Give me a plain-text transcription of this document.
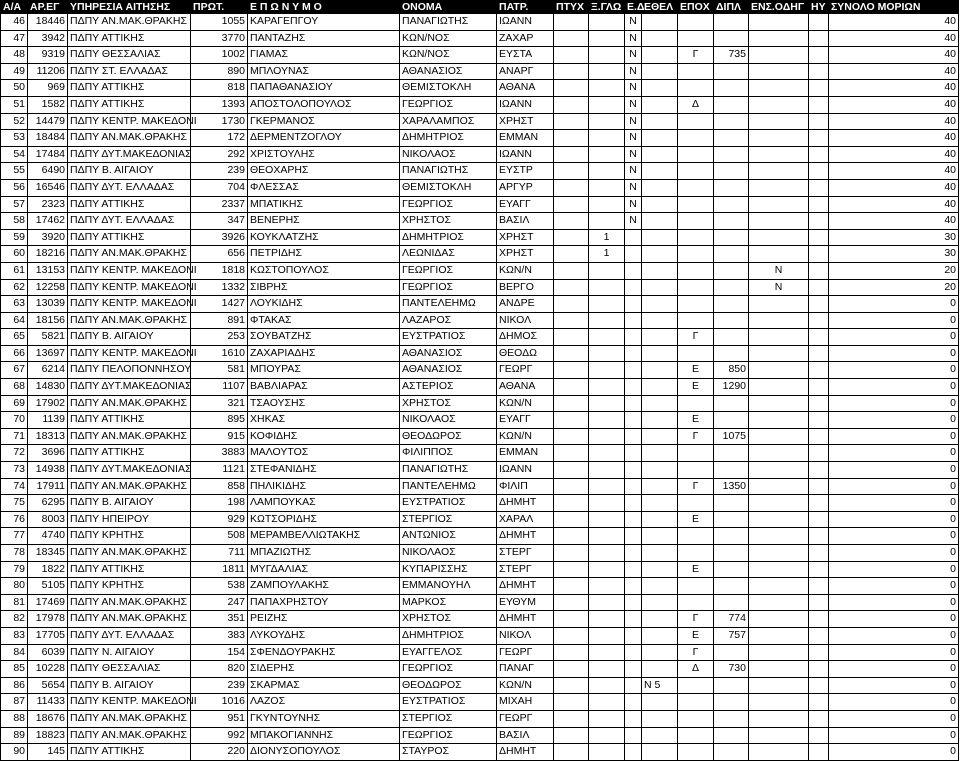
Α/Α	ΑΡ.ΕΓ	ΥΠΗΡΕΣΙΑ ΑΙΤΗΣΗΣ	ΠΡΩΤ.	Ε Π Ω Ν Υ Μ Ο	ΟΝΟΜΑ	ΠΑΤΡ.	ΠΤΥΧ	Ξ.ΓΛΩ	Ε.Δ	ΕΘΕΛ	ΕΠΟΧ	ΔΙΠΛ	ΕΝΣ.ΟΔΗΓ	ΗΥ	ΣΥΝΟΛΟ ΜΟΡΙΩΝ
46	18446	ΠΔΠΥ ΑΝ.ΜΑΚ.ΘΡΑΚΗΣ	1055	ΚΑΡΑΓΕΠΓΟΥ	ΠΑΝΑΓΙΩΤΗΣ	ΙΩΑΝΝ			Ν						40
47	3942	ΠΔΠΥ ΑΤΤΙΚΗΣ	3770	ΠΑΝΤΑΖΗΣ	ΚΩΝ/ΝΟΣ	ΖΑΧΑΡ			Ν						40
48	9319	ΠΔΠΥ ΘΕΣΣΑΛΙΑΣ	1002	ΓΙΑΜΑΣ	ΚΩΝ/ΝΟΣ	ΕΥΣΤΑ			Ν		Γ	735			40
49	11206	ΠΔΠΥ ΣΤ. ΕΛΛΑΔΑΣ	890	ΜΠΛΟΥΝΑΣ	ΑΘΑΝΑΣΙΟΣ	ΑΝΑΡΓ			Ν						40
50	969	ΠΔΠΥ ΑΤΤΙΚΗΣ	818	ΠΑΠΑΘΑΝΑΣΙΟΥ	ΘΕΜΙΣΤΟΚΛΗ	ΑΘΑΝΑ			Ν						40
51	1582	ΠΔΠΥ ΑΤΤΙΚΗΣ	1393	ΑΠΟΣΤΟΛΟΠΟΥΛΟΣ	ΓΕΩΡΓΙΟΣ	ΙΩΑΝΝ			Ν		Δ				40
52	14479	ΠΔΠΥ ΚΕΝΤΡ. ΜΑΚΕΔΟΝΙ	1730	ΓΚΕΡΜΑΝΟΣ	ΧΑΡΑΛΑΜΠΟΣ	ΧΡΗΣΤ			Ν						40
53	18484	ΠΔΠΥ ΑΝ.ΜΑΚ.ΘΡΑΚΗΣ	172	ΔΕΡΜΕΝΤΖΟΓΛΟΥ	ΔΗΜΗΤΡΙΟΣ	ΕΜΜΑΝ			Ν						40
54	17484	ΠΔΠΥ ΔΥΤ.ΜΑΚΕΔΟΝΙΑΣ	292	ΧΡΙΣΤΟΥΛΗΣ	ΝΙΚΟΛΑΟΣ	ΙΩΑΝΝ			Ν						40
55	6490	ΠΔΠΥ Β. ΑΙΓΑΙΟΥ	239	ΘΕΟΧΑΡΗΣ	ΠΑΝΑΓΙΩΤΗΣ	ΕΥΣΤΡ			Ν						40
56	16546	ΠΔΠΥ ΔΥΤ. ΕΛΛΑΔΑΣ	704	ΦΛΕΣΣΑΣ	ΘΕΜΙΣΤΟΚΛΗ	ΑΡΓΥΡ			Ν						40
57	2323	ΠΔΠΥ ΑΤΤΙΚΗΣ	2337	ΜΠΑΤΙΚΗΣ	ΓΕΩΡΓΙΟΣ	ΕΥΑΓΓ			Ν						40
58	17462	ΠΔΠΥ ΔΥΤ. ΕΛΛΑΔΑΣ	347	ΒΕΝΕΡΗΣ	ΧΡΗΣΤΟΣ	ΒΑΣΙΛ			Ν						40
59	3920	ΠΔΠΥ ΑΤΤΙΚΗΣ	3926	ΚΟΥΚΛΑΤΖΗΣ	ΔΗΜΗΤΡΙΟΣ	ΧΡΗΣΤ		1							30
60	18216	ΠΔΠΥ ΑΝ.ΜΑΚ.ΘΡΑΚΗΣ	656	ΠΕΤΡΙΔΗΣ	ΛΕΩΝΙΔΑΣ	ΧΡΗΣΤ		1							30
61	13153	ΠΔΠΥ ΚΕΝΤΡ. ΜΑΚΕΔΟΝΙ	1818	ΚΩΣΤΟΠΟΥΛΟΣ	ΓΕΩΡΓΙΟΣ	ΚΩΝ/Ν							Ν		20
62	12258	ΠΔΠΥ ΚΕΝΤΡ. ΜΑΚΕΔΟΝΙ	1332	ΣΙΒΡΗΣ	ΓΕΩΡΓΙΟΣ	ΒΕΡΓΟ							Ν		20
63	13039	ΠΔΠΥ ΚΕΝΤΡ. ΜΑΚΕΔΟΝΙ	1427	ΛΟΥΚΙΔΗΣ	ΠΑΝΤΕΛΕΗΜΩ	ΑΝΔΡΕ									0
64	18156	ΠΔΠΥ ΑΝ.ΜΑΚ.ΘΡΑΚΗΣ	891	ΦΤΑΚΑΣ	ΛΑΖΑΡΟΣ	ΝΙΚΟΛ									0
65	5821	ΠΔΠΥ Β. ΑΙΓΑΙΟΥ	253	ΣΟΥΒΑΤΖΗΣ	ΕΥΣΤΡΑΤΙΟΣ	ΔΗΜΟΣ					Γ				0
66	13697	ΠΔΠΥ ΚΕΝΤΡ. ΜΑΚΕΔΟΝΙ	1610	ΖΑΧΑΡΙΑΔΗΣ	ΑΘΑΝΑΣΙΟΣ	ΘΕΟΔΩ									0
67	6214	ΠΔΠΥ ΠΕΛΟΠΟΝΝΗΣΟΥ	581	ΜΠΟΥΡΑΣ	ΑΘΑΝΑΣΙΟΣ	ΓΕΩΡΓ					Ε	850			0
68	14830	ΠΔΠΥ ΔΥΤ.ΜΑΚΕΔΟΝΙΑΣ	1107	ΒΑΒΛΙΑΡΑΣ	ΑΣΤΕΡΙΟΣ	ΑΘΑΝΑ					Ε	1290			0
69	17902	ΠΔΠΥ ΑΝ.ΜΑΚ.ΘΡΑΚΗΣ	321	ΤΣΑΟΥΣΗΣ	ΧΡΗΣΤΟΣ	ΚΩΝ/Ν									0
70	1139	ΠΔΠΥ ΑΤΤΙΚΗΣ	895	ΧΗΚΑΣ	ΝΙΚΟΛΑΟΣ	ΕΥΑΓΓ					Ε				0
71	18313	ΠΔΠΥ ΑΝ.ΜΑΚ.ΘΡΑΚΗΣ	915	ΚΟΦΙΔΗΣ	ΘΕΟΔΩΡΟΣ	ΚΩΝ/Ν					Γ	1075			0
72	3696	ΠΔΠΥ ΑΤΤΙΚΗΣ	3883	ΜΑΛΟΥΤΟΣ	ΦΙΛΙΠΠΟΣ	ΕΜΜΑΝ									0
73	14938	ΠΔΠΥ ΔΥΤ.ΜΑΚΕΔΟΝΙΑΣ	1121	ΣΤΕΦΑΝΙΔΗΣ	ΠΑΝΑΓΙΩΤΗΣ	ΙΩΑΝΝ									0
74	17911	ΠΔΠΥ ΑΝ.ΜΑΚ.ΘΡΑΚΗΣ	858	ΠΗΛΙΚΙΔΗΣ	ΠΑΝΤΕΛΕΗΜΩ	ΦΙΛΙΠ					Γ	1350			0
75	6295	ΠΔΠΥ Β. ΑΙΓΑΙΟΥ	198	ΛΑΜΠΟΥΚΑΣ	ΕΥΣΤΡΑΤΙΟΣ	ΔΗΜΗΤ									0
76	8003	ΠΔΠΥ ΗΠΕΙΡΟΥ	929	ΚΩΤΣΟΡΙΔΗΣ	ΣΤΕΡΓΙΟΣ	ΧΑΡΑΛ					Ε				0
77	4740	ΠΔΠΥ ΚΡΗΤΗΣ	508	ΜΕΡΑΜΒΕΛΛΙΩΤΑΚΗΣ	ΑΝΤΩΝΙΟΣ	ΔΗΜΗΤ									0
78	18345	ΠΔΠΥ ΑΝ.ΜΑΚ.ΘΡΑΚΗΣ	711	ΜΠΑΖΙΩΤΗΣ	ΝΙΚΟΛΑΟΣ	ΣΤΕΡΓ									0
79	1822	ΠΔΠΥ ΑΤΤΙΚΗΣ	1811	ΜΥΓΔΑΛΙΑΣ	ΚΥΠΑΡΙΣΣΗΣ	ΣΤΕΡΓ					Ε				0
80	5105	ΠΔΠΥ ΚΡΗΤΗΣ	538	ΖΑΜΠΟΥΛΑΚΗΣ	ΕΜΜΑΝΟΥΗΛ	ΔΗΜΗΤ									0
81	17469	ΠΔΠΥ ΑΝ.ΜΑΚ.ΘΡΑΚΗΣ	247	ΠΑΠΑΧΡΗΣΤΟΥ	ΜΑΡΚΟΣ	ΕΥΘΥΜ									0
82	17978	ΠΔΠΥ ΑΝ.ΜΑΚ.ΘΡΑΚΗΣ	351	ΡΕΙΖΗΣ	ΧΡΗΣΤΟΣ	ΔΗΜΗΤ					Γ	774			0
83	17705	ΠΔΠΥ ΔΥΤ. ΕΛΛΑΔΑΣ	383	ΛΥΚΟΥΔΗΣ	ΔΗΜΗΤΡΙΟΣ	ΝΙΚΟΛ					Ε	757			0
84	6039	ΠΔΠΥ Ν. ΑΙΓΑΙΟΥ	154	ΣΦΕΝΔΟΥΡΑΚΗΣ	ΕΥΑΓΓΕΛΟΣ	ΓΕΩΡΓ					Γ				0
85	10228	ΠΔΠΥ ΘΕΣΣΑΛΙΑΣ	820	ΣΙΔΕΡΗΣ	ΓΕΩΡΓΙΟΣ	ΠΑΝΑΓ					Δ	730			0
86	5654	ΠΔΠΥ Β. ΑΙΓΑΙΟΥ	239	ΣΚΑΡΜΑΣ	ΘΕΟΔΩΡΟΣ	ΚΩΝ/Ν				Ν 5					0
87	11433	ΠΔΠΥ ΚΕΝΤΡ. ΜΑΚΕΔΟΝΙ	1016	ΛΑΖΟΣ	ΕΥΣΤΡΑΤΙΟΣ	ΜΙΧΑΗ									0
88	18676	ΠΔΠΥ ΑΝ.ΜΑΚ.ΘΡΑΚΗΣ	951	ΓΚΥΝΤΟΥΝΗΣ	ΣΤΕΡΓΙΟΣ	ΓΕΩΡΓ									0
89	18823	ΠΔΠΥ ΑΝ.ΜΑΚ.ΘΡΑΚΗΣ	992	ΜΠΑΚΟΓΙΑΝΝΗΣ	ΓΕΩΡΓΙΟΣ	ΒΑΣΙΛ									0
90	145	ΠΔΠΥ ΑΤΤΙΚΗΣ	220	ΔΙΟΝΥΣΟΠΟΥΛΟΣ	ΣΤΑΥΡΟΣ	ΔΗΜΗΤ									0
